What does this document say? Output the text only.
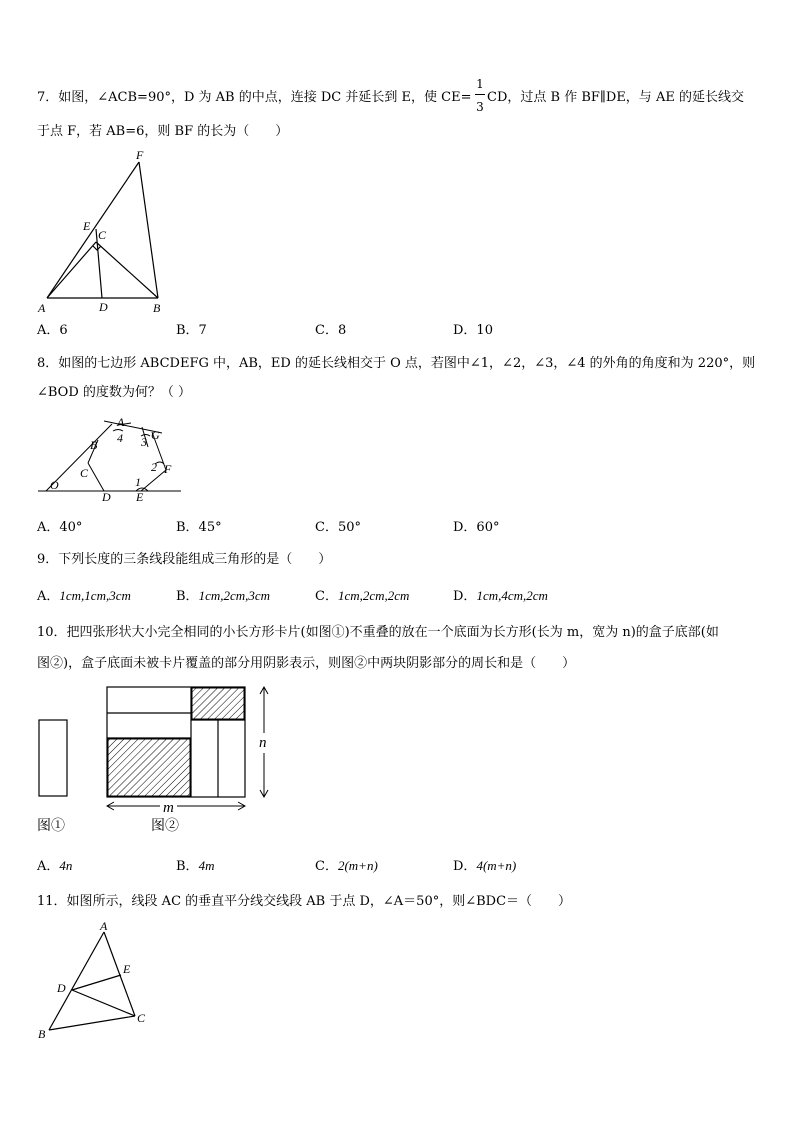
7．如图，∠ACB=90°，D 为 AB 的中点，连接 DC 并延长到 E，使 CE=
1
3
CD，过点 B 作 BF∥DE，与 AE 的延长线交
于点 F，若 AB=6，则 BF 的长为（　　）
F
E
C
A	D	B
A．6	B．7	C．8	D．10
8．如图的七边形 ABCDEFG 中，AB，ED 的延长线相交于 O 点，若图中∠1，∠2，∠3，∠4 的外角的角度和为 220°，则
∠BOD 的度数为何？（ ）
A
G
B 4 3
2 F
C
O
D
1
E
A．40°	B．45°	C．50°	D．60°
9．下列长度的三条线段能组成三角形的是（　　）
A．1cm,1cm,3cm	B．1cm,2cm,3cm	C．1cm,2cm,2cm	D．1cm,4cm,2cm
10．把四张形状大小完全相同的小长方形卡片(如图①)不重叠的放在一个底面为长方形(长为 m，宽为 n)的盒子底部(如
图②)，盒子底面未被卡片覆盖的部分用阴影表示，则图②中两块阴影部分的周长和是（　　）
m
n
图①	图②
A．4n	B．4m	C．2(m+n)	D．4(m+n)
11．如图所示，线段 AC 的垂直平分线交线段 AB 于点 D，∠A＝50°，则∠BDC＝（　　）
A
E
D
C
B
